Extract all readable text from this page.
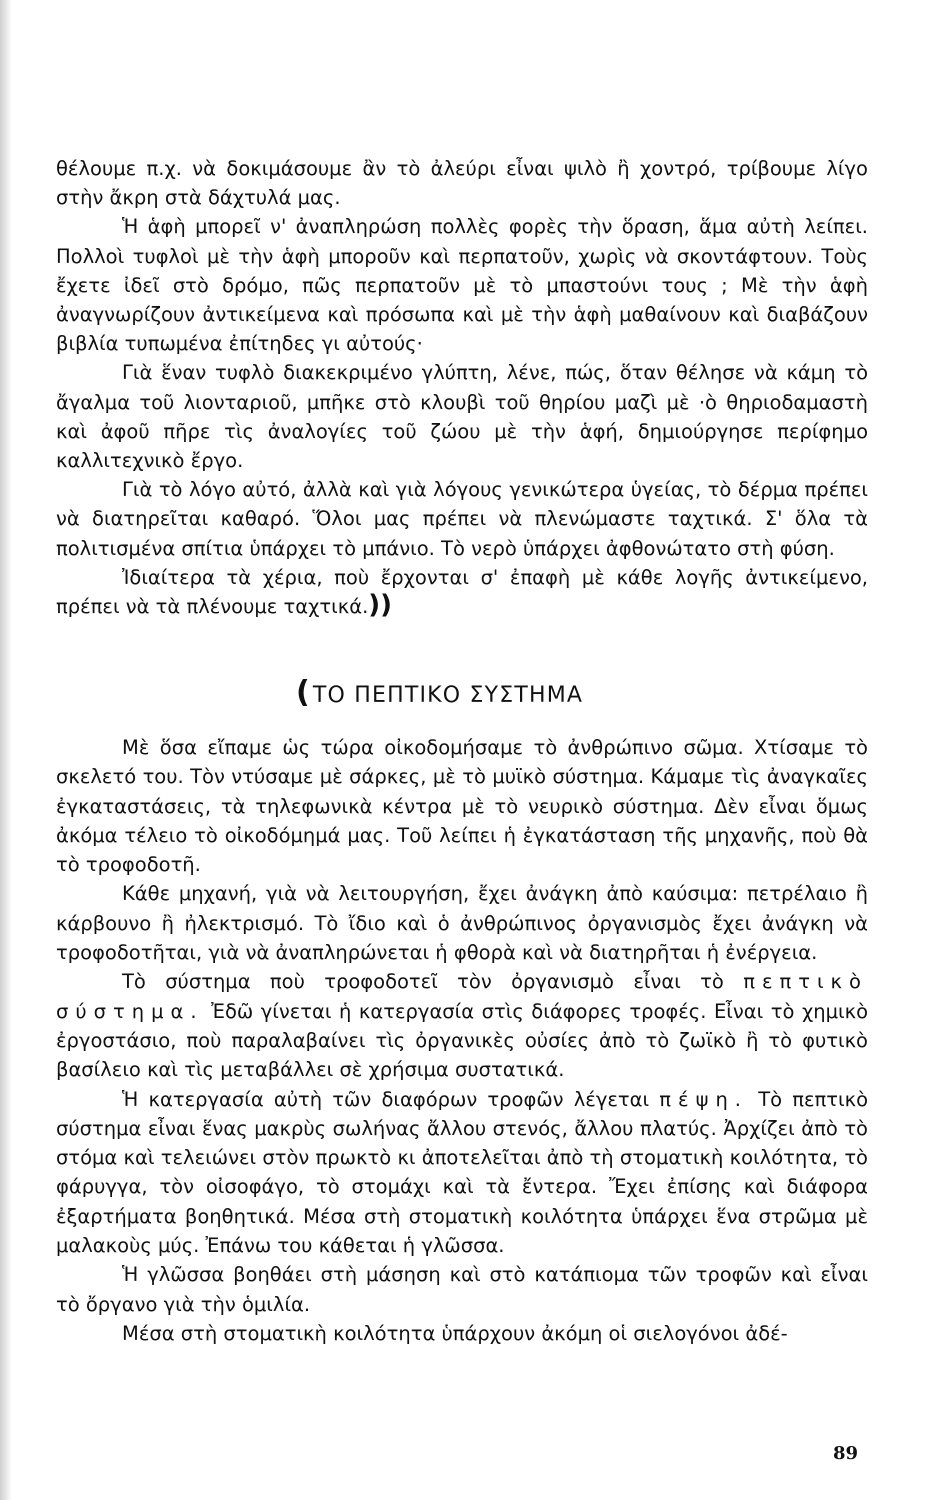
θέλουμε π.χ. νὰ δοκιμάσουμε ἂν τὸ ἀλεύρι εἶναι ψιλὸ ἢ χοντρό, τρίβουμε λίγο στὴν ἄκρη στὰ δάχτυλά μας.

Ἡ ἁφὴ μπορεῖ ν' ἀναπληρώση πολλὲς φορὲς τὴν ὅραση, ἅμα αὐτὴ λείπει. Πολλοὶ τυφλοὶ μὲ τὴν ἁφὴ μποροῦν καὶ περπατοῦν, χωρὶς νὰ σκοντάφτουν. Τοὺς ἔχετε ἰδεῖ στὸ δρόμο, πῶς περπατοῦν μὲ τὸ μπαστούνι τους ; Μὲ τὴν ἁφὴ ἀναγνωρίζουν ἀντικείμενα καὶ πρόσωπα καὶ μὲ τὴν ἁφὴ μαθαίνουν καὶ διαβάζουν βιβλία τυπωμένα ἐπίτηδες γι αὐτούς·

Γιὰ ἕναν τυφλὸ διακεκριμένο γλύπτη, λένε, πώς, ὅταν θέλησε νὰ κάμη τὸ ἄγαλμα τοῦ λιονταριοῦ, μπῆκε στὸ κλουβὶ τοῦ θηρίου μαζὶ μὲ ·ὸ θηριοδαμαστὴ καὶ ἀφοῦ πῆρε τὶς ἀναλογίες τοῦ ζώου μὲ τὴν ἁφή, δημιούργησε περίφημο καλλιτεχνικὸ ἔργο.

Γιὰ τὸ λόγο αὐτό, ἀλλὰ καὶ γιὰ λόγους γενικώτερα ὑγείας, τὸ δέρμα πρέπει νὰ διατηρεῖται καθαρό. Ὅλοι μας πρέπει νὰ πλενώμαστε ταχτικά. Σ' ὅλα τὰ πολιτισμένα σπίτια ὑπάρχει τὸ μπάνιο. Τὸ νερὸ ὑπάρχει ἀφθονώτατο στὴ φύση.

Ἰδιαίτερα τὰ χέρια, ποὺ ἔρχονται σ' ἐπαφὴ μὲ κάθε λογῆς ἀντικείμενο, πρέπει νὰ τὰ πλένουμε ταχτικά.))

(ΤΟ ΠΕΠΤΙΚΟ ΣΥΣΤΗΜΑ

Μὲ ὅσα εἴπαμε ὡς τώρα οἰκοδομήσαμε τὸ ἀνθρώπινο σῶμα. Χτίσαμε τὸ σκελετό του. Τὸν ντύσαμε μὲ σάρκες, μὲ τὸ μυϊκὸ σύστημα. Κάμαμε τὶς ἀναγκαῖες ἐγκαταστάσεις, τὰ τηλεφωνικὰ κέντρα μὲ τὸ νευρικὸ σύστημα. Δὲν εἶναι ὅμως ἀκόμα τέλειο τὸ οἰκοδόμημά μας. Τοῦ λείπει ἡ ἐγκατάσταση τῆς μηχανῆς, ποὺ θὰ τὸ τροφοδοτῆ.

Κάθε μηχανή, γιὰ νὰ λειτουργήση, ἔχει ἀνάγκη ἀπὸ καύσιμα: πετρέλαιο ἢ κάρβουνο ἢ ἠλεκτρισμό. Τὸ ἴδιο καὶ ὁ ἀνθρώπινος ὀργανισμὸς ἔχει ἀνάγκη νὰ τροφοδοτῆται, γιὰ νὰ ἀναπληρώνεται ἡ φθορὰ καὶ νὰ διατηρῆται ἡ ἐνέργεια.

Τὸ σύστημα ποὺ τροφοδοτεῖ τὸν ὀργανισμὸ εἶναι τὸ πεπτικὸ σύστημα. Ἐδῶ γίνεται ἡ κατεργασία στὶς διάφορες τροφές. Εἶναι τὸ χημικὸ ἐργοστάσιο, ποὺ παραλαβαίνει τὶς ὀργανικὲς οὐσίες ἀπὸ τὸ ζωϊκὸ ἢ τὸ φυτικὸ βασίλειο καὶ τὶς μεταβάλλει σὲ χρήσιμα συστατικά.

Ἡ κατεργασία αὐτὴ τῶν διαφόρων τροφῶν λέγεται πέψη. Τὸ πεπτικὸ σύστημα εἶναι ἕνας μακρὺς σωλήνας ἄλλου στενός, ἄλλου πλατύς. Ἀρχίζει ἀπὸ τὸ στόμα καὶ τελειώνει στὸν πρωκτὸ κι ἀποτελεῖται ἀπὸ τὴ στοματικὴ κοιλότητα, τὸ φάρυγγα, τὸν οἰσοφάγο, τὸ στομάχι καὶ τὰ ἔντερα. Ἔχει ἐπίσης καὶ διάφορα ἐξαρτήματα βοηθητικά. Μέσα στὴ στοματικὴ κοιλότητα ὑπάρχει ἕνα στρῶμα μὲ μαλακοὺς μύς. Ἐπάνω του κάθεται ἡ γλῶσσα.

Ἡ γλῶσσα βοηθάει στὴ μάσηση καὶ στὸ κατάπιομα τῶν τροφῶν καὶ εἶναι τὸ ὄργανο γιὰ τὴν ὁμιλία.

Μέσα στὴ στοματικὴ κοιλότητα ὑπάρχουν ἀκόμη οἱ σιελογόνοι ἀδέ-

89
